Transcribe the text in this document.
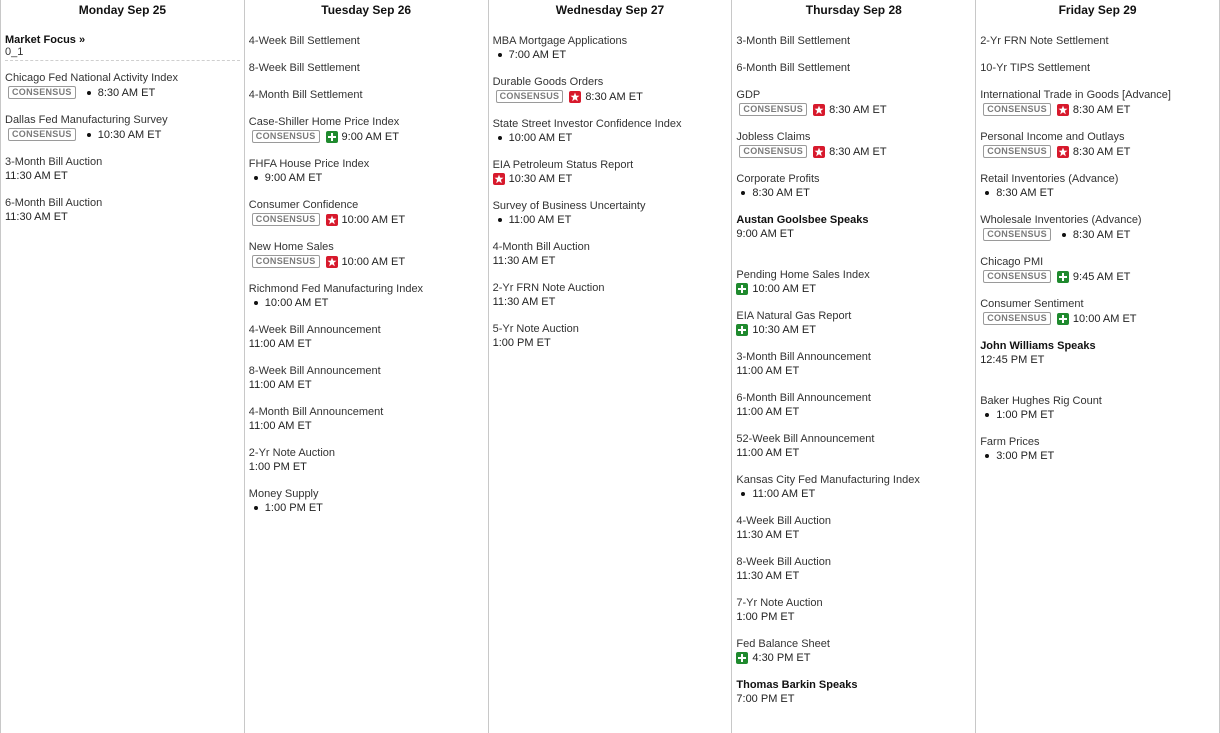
Monday Sep 25
Market Focus »
0_1
Chicago Fed National Activity Index
CONSENSUS	8:30 AM ET
Dallas Fed Manufacturing Survey
CONSENSUS	10:30 AM ET
3-Month Bill Auction
11:30 AM ET
6-Month Bill Auction
11:30 AM ET
Tuesday Sep 26
4-Week Bill Settlement
8-Week Bill Settlement
4-Month Bill Settlement
Case-Shiller Home Price Index
CONSENSUS	9:00 AM ET
FHFA House Price Index
9:00 AM ET
Consumer Confidence
CONSENSUS	10:00 AM ET
New Home Sales
CONSENSUS	10:00 AM ET
Richmond Fed Manufacturing Index
10:00 AM ET
4-Week Bill Announcement
11:00 AM ET
8-Week Bill Announcement
11:00 AM ET
4-Month Bill Announcement
11:00 AM ET
2-Yr Note Auction
1:00 PM ET
Money Supply
1:00 PM ET
Wednesday Sep 27
MBA Mortgage Applications
7:00 AM ET
Durable Goods Orders
CONSENSUS	8:30 AM ET
State Street Investor Confidence Index
10:00 AM ET
EIA Petroleum Status Report
10:30 AM ET
Survey of Business Uncertainty
11:00 AM ET
4-Month Bill Auction
11:30 AM ET
2-Yr FRN Note Auction
11:30 AM ET
5-Yr Note Auction
1:00 PM ET
Thursday Sep 28
3-Month Bill Settlement
6-Month Bill Settlement
GDP
CONSENSUS	8:30 AM ET
Jobless Claims
CONSENSUS	8:30 AM ET
Corporate Profits
8:30 AM ET
Austan Goolsbee Speaks
9:00 AM ET
Pending Home Sales Index
10:00 AM ET
EIA Natural Gas Report
10:30 AM ET
3-Month Bill Announcement
11:00 AM ET
6-Month Bill Announcement
11:00 AM ET
52-Week Bill Announcement
11:00 AM ET
Kansas City Fed Manufacturing Index
11:00 AM ET
4-Week Bill Auction
11:30 AM ET
8-Week Bill Auction
11:30 AM ET
7-Yr Note Auction
1:00 PM ET
Fed Balance Sheet
4:30 PM ET
Thomas Barkin Speaks
7:00 PM ET
Friday Sep 29
2-Yr FRN Note Settlement
10-Yr TIPS Settlement
International Trade in Goods [Advance]
CONSENSUS	8:30 AM ET
Personal Income and Outlays
CONSENSUS	8:30 AM ET
Retail Inventories (Advance)
8:30 AM ET
Wholesale Inventories (Advance)
CONSENSUS	8:30 AM ET
Chicago PMI
CONSENSUS	9:45 AM ET
Consumer Sentiment
CONSENSUS	10:00 AM ET
John Williams Speaks
12:45 PM ET
Baker Hughes Rig Count
1:00 PM ET
Farm Prices
3:00 PM ET
